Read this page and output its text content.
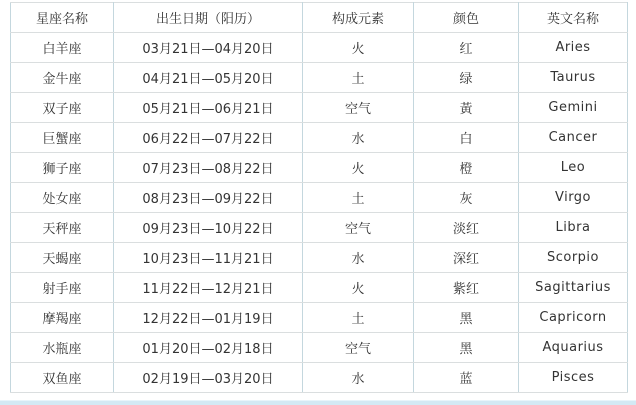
星座名称	出生日期（阳历）	构成元素	颜色	英文名称
白羊座	03月21日—04月20日	火	红	Aries
金牛座	04月21日—05月20日	土	绿	Taurus
双子座	05月21日—06月21日	空气	黃	Gemini
巨蟹座	06月22日—07月22日	水	白	Cancer
狮子座	07月23日—08月22日	火	橙	Leo
处女座	08月23日—09月22日	土	灰	Virgo
天秤座	09月23日—10月22日	空气	淡红	Libra
天蝎座	10月23日—11月21日	水	深红	Scorpio
射手座	11月22日—12月21日	火	紫红	Sagittarius
摩羯座	12月22日—01月19日	土	黑	Capricorn
水瓶座	01月20日—02月18日	空气	黑	Aquarius
双鱼座	02月19日—03月20日	水	蓝	Pisces
